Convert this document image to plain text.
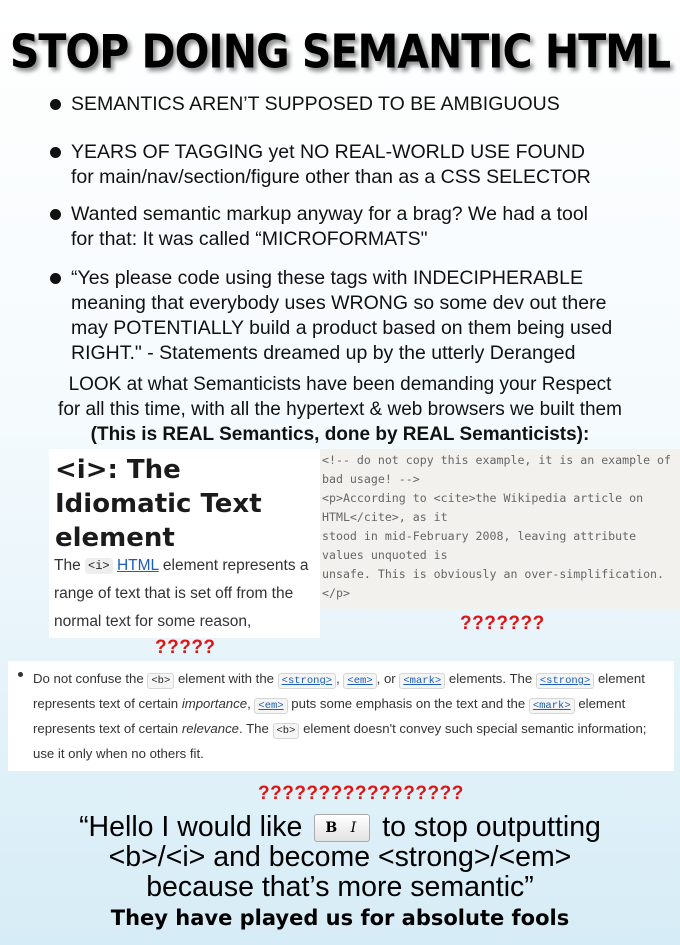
STOP DOING SEMANTIC HTML
SEMANTICS AREN’T SUPPOSED TO BE AMBIGUOUS
YEARS OF TAGGING yet NO REAL-WORLD USE FOUND
for main/nav/section/figure other than as a CSS SELECTOR
Wanted semantic markup anyway for a brag? We had a tool
for that: It was called “MICROFORMATS"
“Yes please code using these tags with INDECIPHERABLE
meaning that everybody uses WRONG so some dev out there
may POTENTIALLY build a product based on them being used
RIGHT." - Statements dreamed up by the utterly Deranged
LOOK at what Semanticists have been demanding your Respect
for all this time, with all the hypertext & web browsers we built them
(This is REAL Semantics, done by REAL Semanticists):
<i>: The Idiomatic Text element
The <i> HTML element represents a range of text that is set off from the normal text for some reason,
<!-- do not copy this example, it is an example of bad usage! -->
<p>According to <cite>the Wikipedia article on HTML</cite>, as it
stood in mid-February 2008, leaving attribute values unquoted is
unsafe. This is obviously an over-simplification.
</p>
???????
?????
Do not confuse the <b> element with the <strong> , <em> , or <mark> elements. The <strong> element represents text of certain importance, <em> puts some emphasis on the text and the <mark> element represents text of certain relevance. The <b> element doesn't convey such special semantic information; use it only when no others fit.
?????????????????
“Hello I would like B I to stop outputting
<b>/<i> and become <strong>/<em>
because that’s more semantic”
They have played us for absolute fools
